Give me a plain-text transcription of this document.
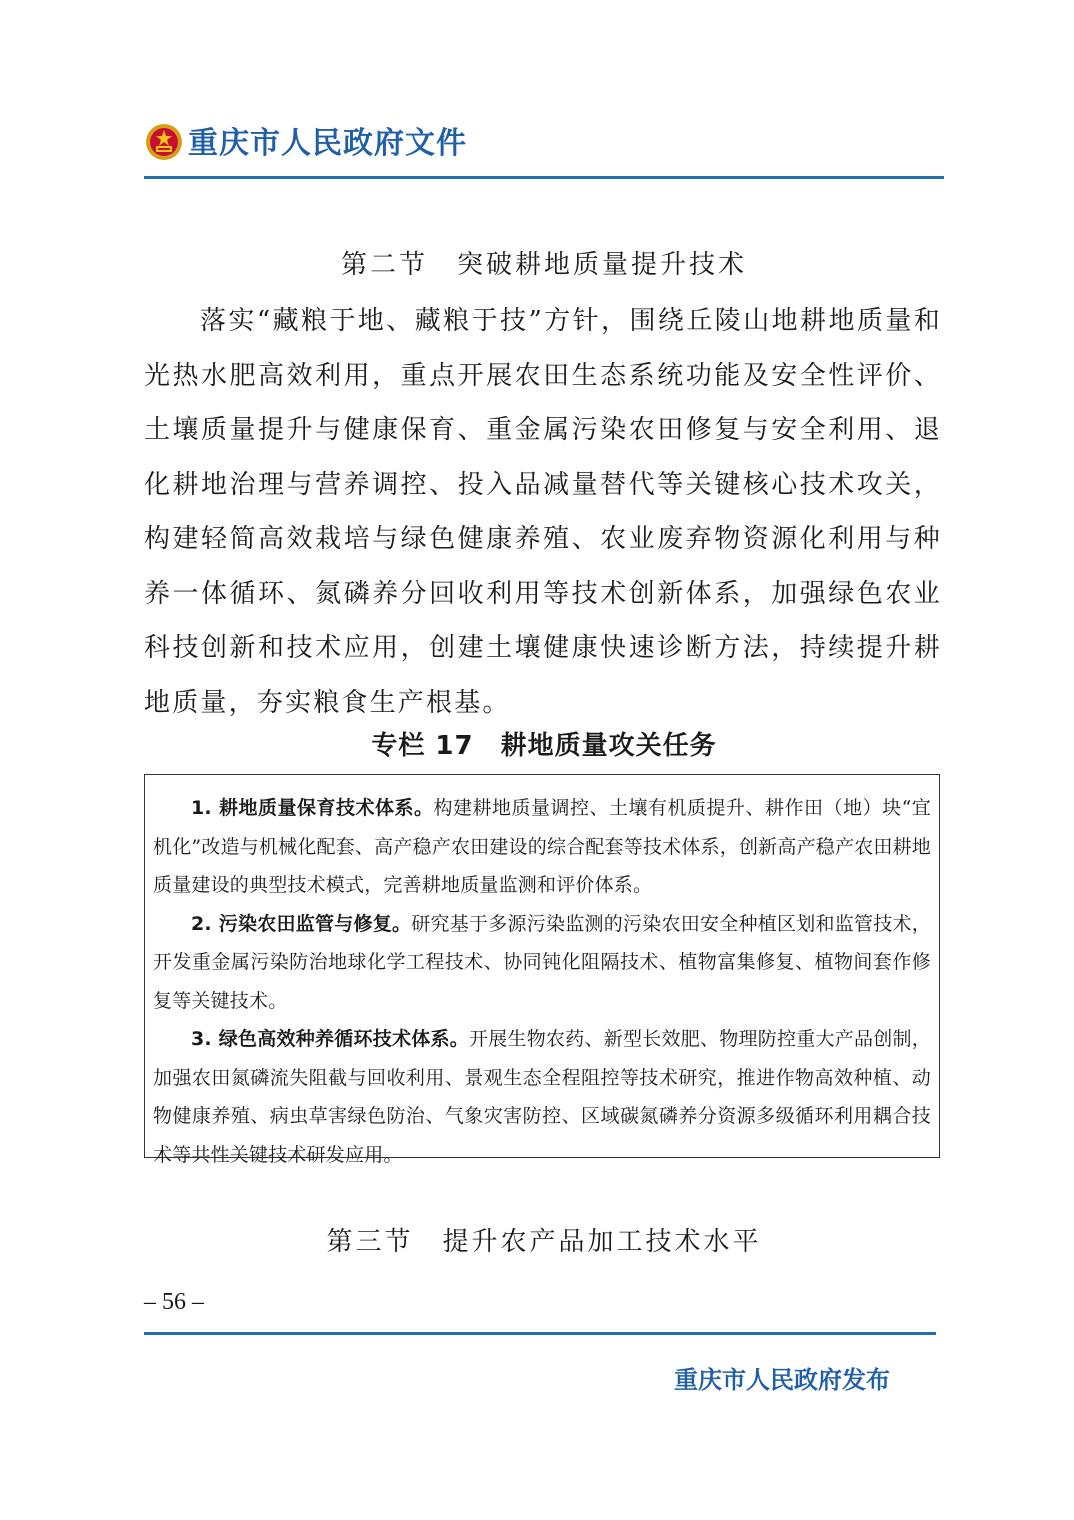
重庆市人民政府文件
第二节　突破耕地质量提升技术

落实“藏粮于地、藏粮于技”方针，围绕丘陵山地耕地质量和光热水肥高效利用，重点开展农田生态系统功能及安全性评价、土壤质量提升与健康保育、重金属污染农田修复与安全利用、退化耕地治理与营养调控、投入品减量替代等关键核心技术攻关，构建轻简高效栽培与绿色健康养殖、农业废弃物资源化利用与种养一体循环、氮磷养分回收利用等技术创新体系，加强绿色农业科技创新和技术应用，创建土壤健康快速诊断方法，持续提升耕地质量，夯实粮食生产根基。

专栏 17　耕地质量攻关任务

1. 耕地质量保育技术体系。构建耕地质量调控、土壤有机质提升、耕作田（地）块“宜机化”改造与机械化配套、高产稳产农田建设的综合配套等技术体系，创新高产稳产农田耕地质量建设的典型技术模式，完善耕地质量监测和评价体系。

2. 污染农田监管与修复。研究基于多源污染监测的污染农田安全种植区划和监管技术，开发重金属污染防治地球化学工程技术、协同钝化阻隔技术、植物富集修复、植物间套作修复等关键技术。

3. 绿色高效种养循环技术体系。开展生物农药、新型长效肥、物理防控重大产品创制，加强农田氮磷流失阻截与回收利用、景观生态全程阻控等技术研究，推进作物高效种植、动物健康养殖、病虫草害绿色防治、气象灾害防控、区域碳氮磷养分资源多级循环利用耦合技术等共性关键技术研发应用。

第三节　提升农产品加工技术水平
– 56 –
重庆市人民政府发布
